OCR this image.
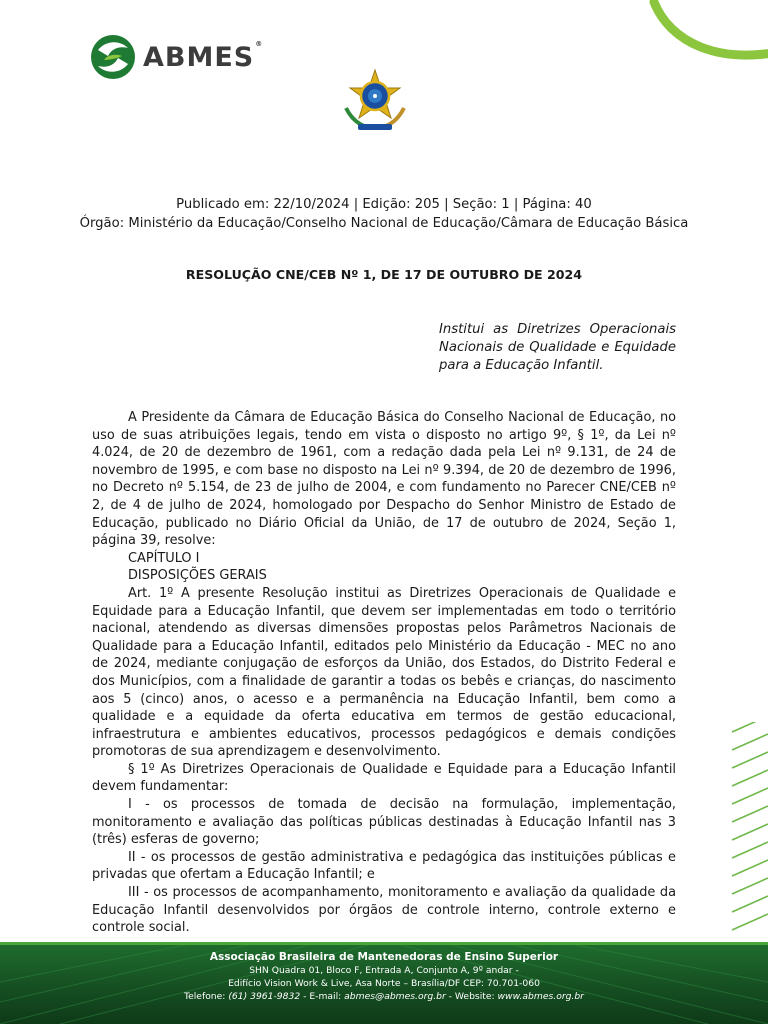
ABMES®
Publicado em: 22/10/2024 | Edição: 205 | Seção: 1 | Página: 40
Órgão: Ministério da Educação/Conselho Nacional de Educação/Câmara de Educação Básica
RESOLUÇÃO CNE/CEB Nº 1, DE 17 DE OUTUBRO DE 2024
Institui as Diretrizes Operacionais Nacionais de Qualidade e Equidade para a Educação Infantil.

A Presidente da Câmara de Educação Básica do Conselho Nacional de Educação, no uso de suas atribuições legais, tendo em vista o disposto no artigo 9º, § 1º, da Lei nº 4.024, de 20 de dezembro de 1961, com a redação dada pela Lei nº 9.131, de 24 de novembro de 1995, e com base no disposto na Lei nº 9.394, de 20 de dezembro de 1996, no Decreto nº 5.154, de 23 de julho de 2004, e com fundamento no Parecer CNE/CEB nº 2, de 4 de julho de 2024, homologado por Despacho do Senhor Ministro de Estado de Educação, publicado no Diário Oficial da União, de 17 de outubro de 2024, Seção 1, página 39, resolve:

CAPÍTULO I

DISPOSIÇÕES GERAIS

Art. 1º A presente Resolução institui as Diretrizes Operacionais de Qualidade e Equidade para a Educação Infantil, que devem ser implementadas em todo o território nacional, atendendo as diversas dimensões propostas pelos Parâmetros Nacionais de Qualidade para a Educação Infantil, editados pelo Ministério da Educação - MEC no ano de 2024, mediante conjugação de esforços da União, dos Estados, do Distrito Federal e dos Municípios, com a finalidade de garantir a todas os bebês e crianças, do nascimento aos 5 (cinco) anos, o acesso e a permanência na Educação Infantil, bem como a qualidade e a equidade da oferta educativa em termos de gestão educacional, infraestrutura e ambientes educativos, processos pedagógicos e demais condições promotoras de sua aprendizagem e desenvolvimento.

§ 1º As Diretrizes Operacionais de Qualidade e Equidade para a Educação Infantil devem fundamentar:

I - os processos de tomada de decisão na formulação, implementação, monitoramento e avaliação das políticas públicas destinadas à Educação Infantil nas 3 (três) esferas de governo;

II - os processos de gestão administrativa e pedagógica das instituições públicas e privadas que ofertam a Educação Infantil; e

III - os processos de acompanhamento, monitoramento e avaliação da qualidade da Educação Infantil desenvolvidos por órgãos de controle interno, controle externo e controle social.

Associação Brasileira de Mantenedoras de Ensino Superior
SHN Quadra 01, Bloco F, Entrada A, Conjunto A, 9º andar -
Edifício Vision Work & Live, Asa Norte – Brasília/DF CEP: 70.701-060
Telefone: (61) 3961-9832 - E-mail: abmes@abmes.org.br - Website: www.abmes.org.br
